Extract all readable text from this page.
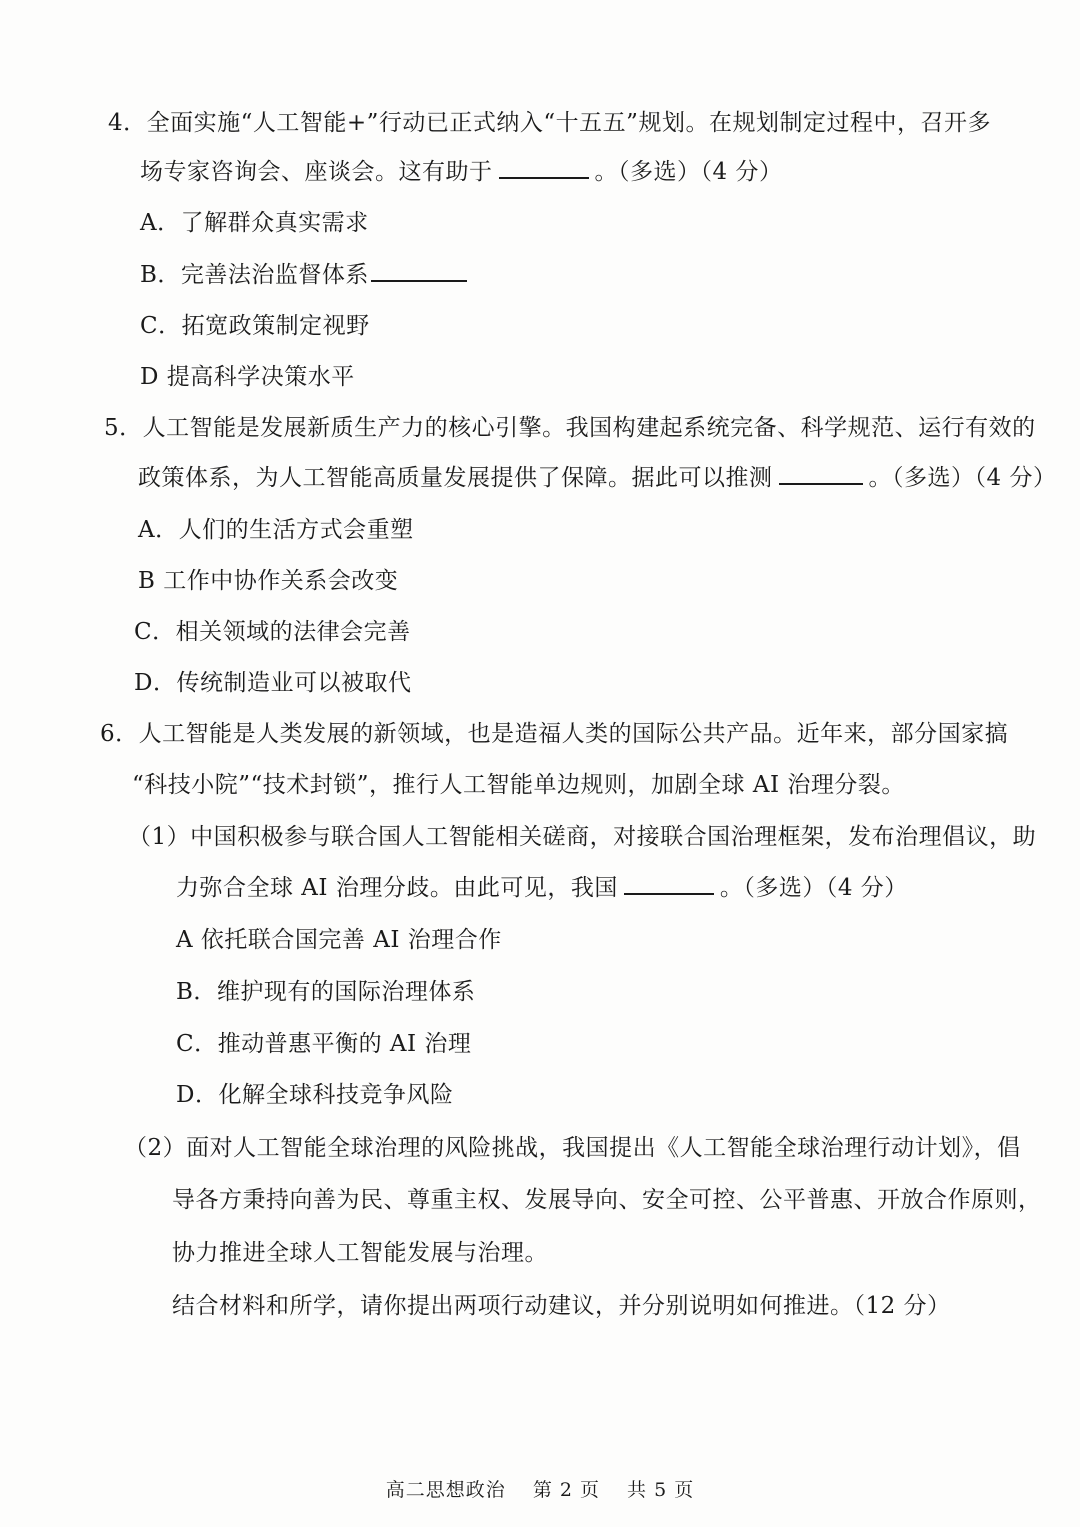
4．全面实施“人工智能+”行动已正式纳入“十五五”规划。在规划制定过程中，召开多
场专家咨询会、座谈会。这有助于	。（多选）（4 分）
A．了解群众真实需求
B．完善法治监督体系
C．拓宽政策制定视野
D 提高科学决策水平
5．人工智能是发展新质生产力的核心引擎。我国构建起系统完备、科学规范、运行有效的
政策体系，为人工智能高质量发展提供了保障。据此可以推测	。（多选）（4 分）
A．人们的生活方式会重塑
B 工作中协作关系会改变
C．相关领域的法律会完善
D．传统制造业可以被取代
6．人工智能是人类发展的新领域，也是造福人类的国际公共产品。近年来，部分国家搞
“科技小院”“技术封锁”，推行人工智能单边规则，加剧全球 AI 治理分裂。
（1）中国积极参与联合国人工智能相关磋商，对接联合国治理框架，发布治理倡议，助
力弥合全球 AI 治理分歧。由此可见，我国	。（多选）（4 分）
A 依托联合国完善 AI 治理合作
B．维护现有的国际治理体系
C．推动普惠平衡的 AI 治理
D．化解全球科技竞争风险
（2）面对人工智能全球治理的风险挑战，我国提出《人工智能全球治理行动计划》，倡
导各方秉持向善为民、尊重主权、发展导向、安全可控、公平普惠、开放合作原则，
协力推进全球人工智能发展与治理。
结合材料和所学，请你提出两项行动建议，并分别说明如何推进。（12 分）
高二思想政治 第 2 页 共 5 页
